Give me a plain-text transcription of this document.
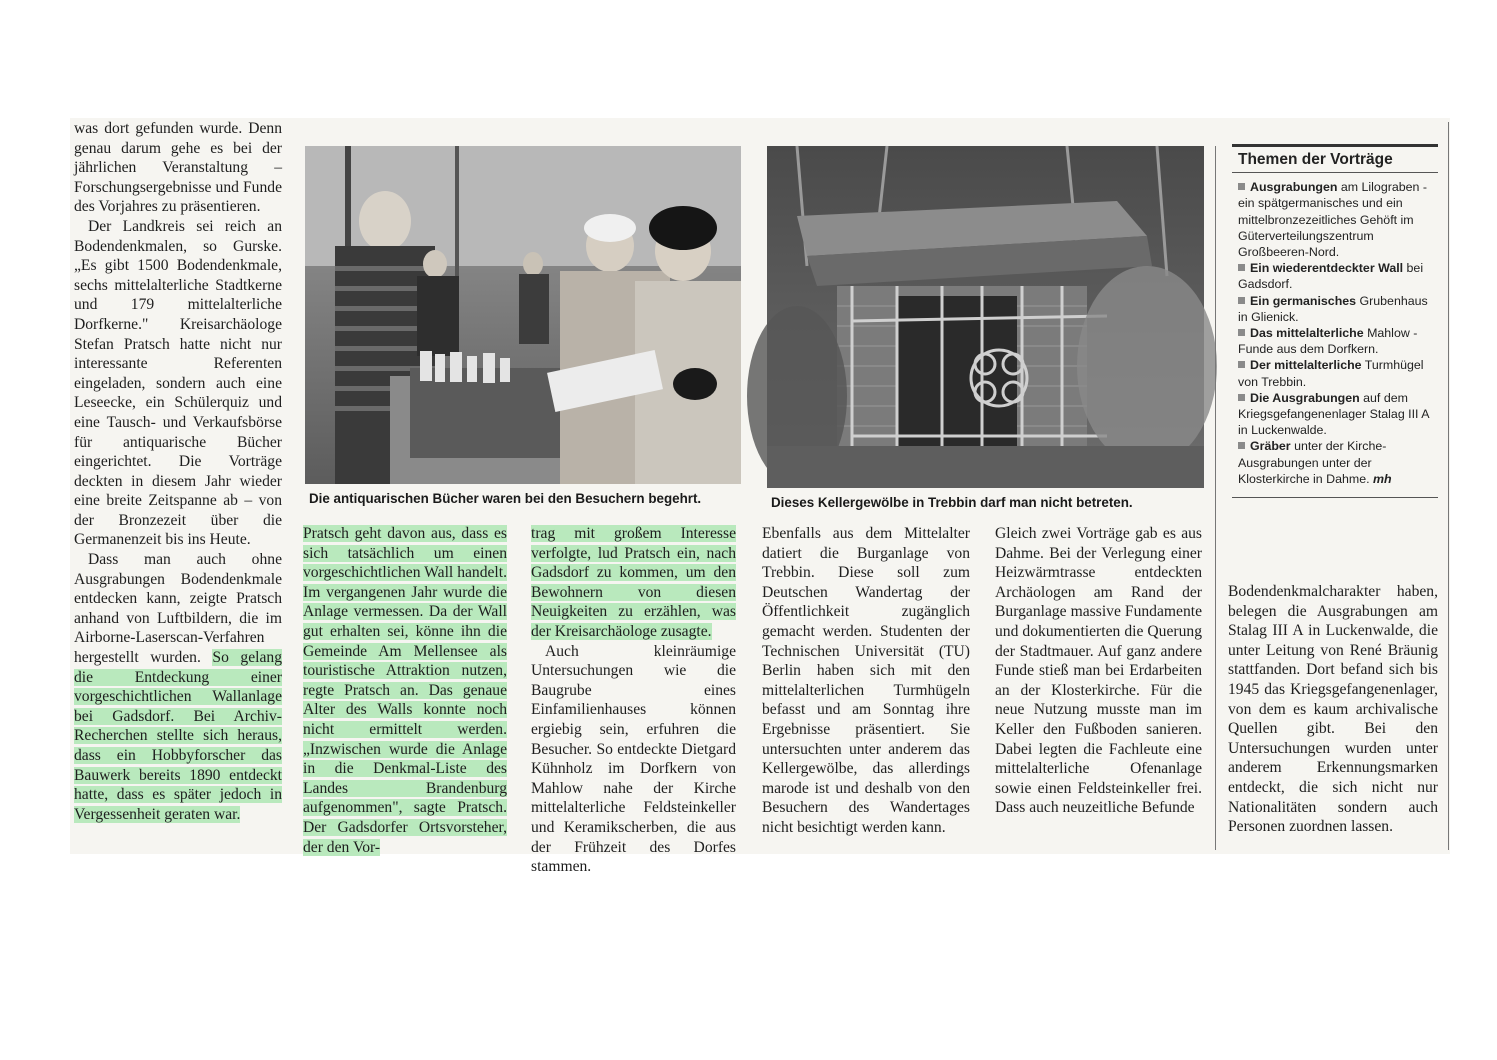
was dort gefunden wurde. Denn genau darum gehe es bei der jährlichen Veranstaltung – Forschungsergebnisse und Funde des Vorjahres zu präsentieren.

Der Landkreis sei reich an Bodendenkmalen, so Gurske. „Es gibt 1500 Bodendenkmale, sechs mittelalterliche Stadtkerne und 179 mittelalterliche Dorfkerne." Kreisarchäologe Stefan Pratsch hatte nicht nur interessante Referenten eingeladen, sondern auch eine Leseecke, ein Schülerquiz und eine Tausch- und Verkaufsbörse für antiquarische Bücher eingerichtet. Die Vorträge deckten in diesem Jahr wieder eine breite Zeitspanne ab – von der Bronzezeit über die Germanenzeit bis ins Heute.

Dass man auch ohne Ausgrabungen Bodendenkmale entdecken kann, zeigte Pratsch anhand von Luftbildern, die im Airborne-Laserscan-Verfahren hergestellt wurden. So gelang die Entdeckung einer vorgeschichtlichen Wallanlage bei Gadsdorf. Bei Archiv-Recherchen stellte sich heraus, dass ein Hobbyforscher das Bauwerk bereits 1890 entdeckt hatte, dass es später jedoch in Vergessenheit geraten war.

Die antiquarischen Bücher waren bei den Besuchern begehrt.	Dieses Kellergewölbe in Trebbin darf man nicht betreten.

Pratsch geht davon aus, dass es sich tatsächlich um einen vorgeschichtlichen Wall handelt. Im vergangenen Jahr wurde die Anlage vermessen. Da der Wall gut erhalten sei, könne ihn die Gemeinde Am Mellensee als touristische Attraktion nutzen, regte Pratsch an. Das genaue Alter des Walls konnte noch nicht ermittelt werden. „Inzwischen wurde die Anlage in die Denkmal-Liste des Landes Brandenburg aufgenommen", sagte Pratsch. Der Gadsdorfer Ortsvorsteher, der den Vor-

trag mit großem Interesse verfolgte, lud Pratsch ein, nach Gadsdorf zu kommen, um den Bewohnern von diesen Neuigkeiten zu erzählen, was der Kreisarchäologe zusagte.

Auch kleinräumige Untersuchungen wie die Baugrube eines Einfamilienhauses können ergiebig sein, erfuhren die Besucher. So entdeckte Dietgard Kühnholz im Dorfkern von Mahlow nahe der Kirche mittelalterliche Feldsteinkeller und Keramikscherben, die aus der Frühzeit des Dorfes stammen.

Ebenfalls aus dem Mittelalter datiert die Burganlage von Trebbin. Diese soll zum Deutschen Wandertag der Öffentlichkeit zugänglich gemacht werden. Studenten der Technischen Universität (TU) Berlin haben sich mit den mittelalterlichen Turmhügeln befasst und am Sonntag ihre Ergebnisse präsentiert. Sie untersuchten unter anderem das Kellergewölbe, das allerdings marode ist und deshalb von den Besuchern des Wandertages nicht besichtigt werden kann.

Gleich zwei Vorträge gab es aus Dahme. Bei der Verlegung einer Heizwärmtrasse entdeckten Archäologen am Rand der Burganlage massive Fundamente und dokumentierten die Querung der Stadtmauer. Auf ganz andere Funde stieß man bei Erdarbeiten an der Klosterkirche. Für die neue Nutzung musste man im Keller den Fußboden sanieren. Dabei legten die Fachleute eine mittelalterliche Ofenanlage sowie einen Feldsteinkeller frei. Dass auch neuzeitliche Befunde

Themen der Vorträge
Ausgrabungen am Lilograben - ein spätgermanisches und ein mittelbronzezeitliches Gehöft im Güterverteilungszentrum Großbeeren-Nord.
Ein wiederentdeckter Wall bei Gadsdorf.
Ein germanisches Grubenhaus in Glienick.
Das mittelalterliche Mahlow - Funde aus dem Dorfkern.
Der mittelalterliche Turmhügel von Trebbin.
Die Ausgrabungen auf dem Kriegsgefangenenlager Stalag III A in Luckenwalde.
Gräber unter der Kirche-Ausgrabungen unter der Klosterkirche in Dahme. mh

Bodendenkmalcharakter haben, belegen die Ausgrabungen am Stalag III A in Luckenwalde, die unter Leitung von René Bräunig stattfanden. Dort befand sich bis 1945 das Kriegsgefangenenlager, von dem es kaum archivalische Quellen gibt. Bei den Untersuchungen wurden unter anderem Erkennungsmarken entdeckt, die sich nicht nur Nationalitäten sondern auch Personen zuordnen lassen.
